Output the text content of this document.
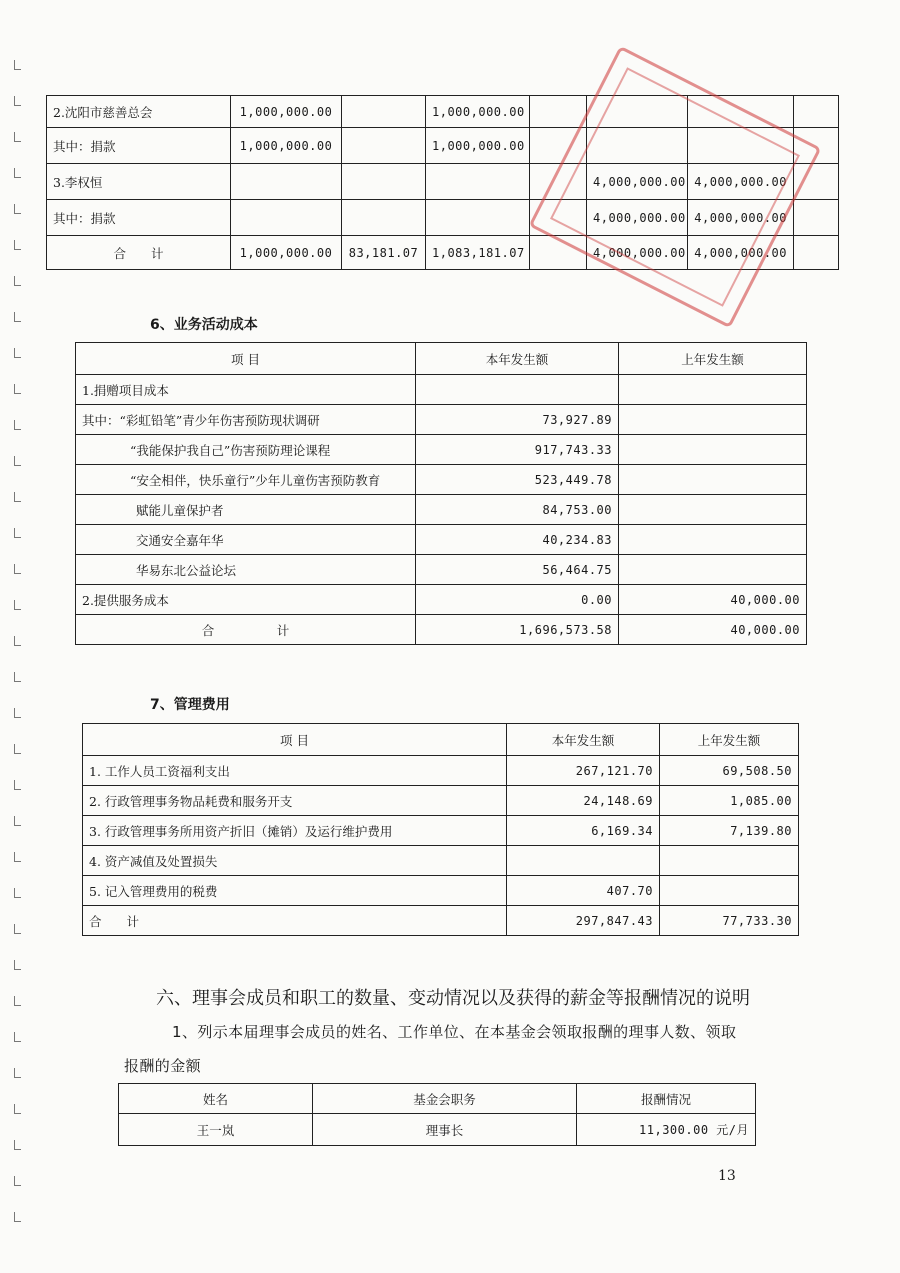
2.沈阳市慈善总会	1,000,000.00		1,000,000.00				
其中：捐款	1,000,000.00		1,000,000.00				
3.李权恒					4,000,000.00	4,000,000.00	
其中：捐款					4,000,000.00	4,000,000.00	
合　　计	1,000,000.00	83,181.07	1,083,181.07		4,000,000.00	4,000,000.00	
6、业务活动成本
项 目	本年发生额	上年发生额
1.捐赠项目成本		
其中：“彩虹铅笔”青少年伤害预防现状调研	73,927.89	
“我能保护我自己”伤害预防理论课程	917,743.33	
“安全相伴，快乐童行”少年儿童伤害预防教育	523,449.78	
赋能儿童保护者	84,753.00	
交通安全嘉年华	40,234.83	
华易东北公益论坛	56,464.75	
2.提供服务成本	0.00	40,000.00
合　　　　　计	1,696,573.58	40,000.00
7、管理费用
项 目	本年发生额	上年发生额
1. 工作人员工资福利支出	267,121.70	69,508.50
2. 行政管理事务物品耗费和服务开支	24,148.69	1,085.00
3. 行政管理事务所用资产折旧（摊销）及运行维护费用	6,169.34	7,139.80
4. 资产减值及处置损失		
5. 记入管理费用的税费	407.70	
合　　计	297,847.43	77,733.30
六、理事会成员和职工的数量、变动情况以及获得的薪金等报酬情况的说明
1、列示本届理事会成员的姓名、工作单位、在本基金会领取报酬的理事人数、领取
报酬的金额
姓名	基金会职务	报酬情况
王一岚	理事长	11,300.00 元/月
13
